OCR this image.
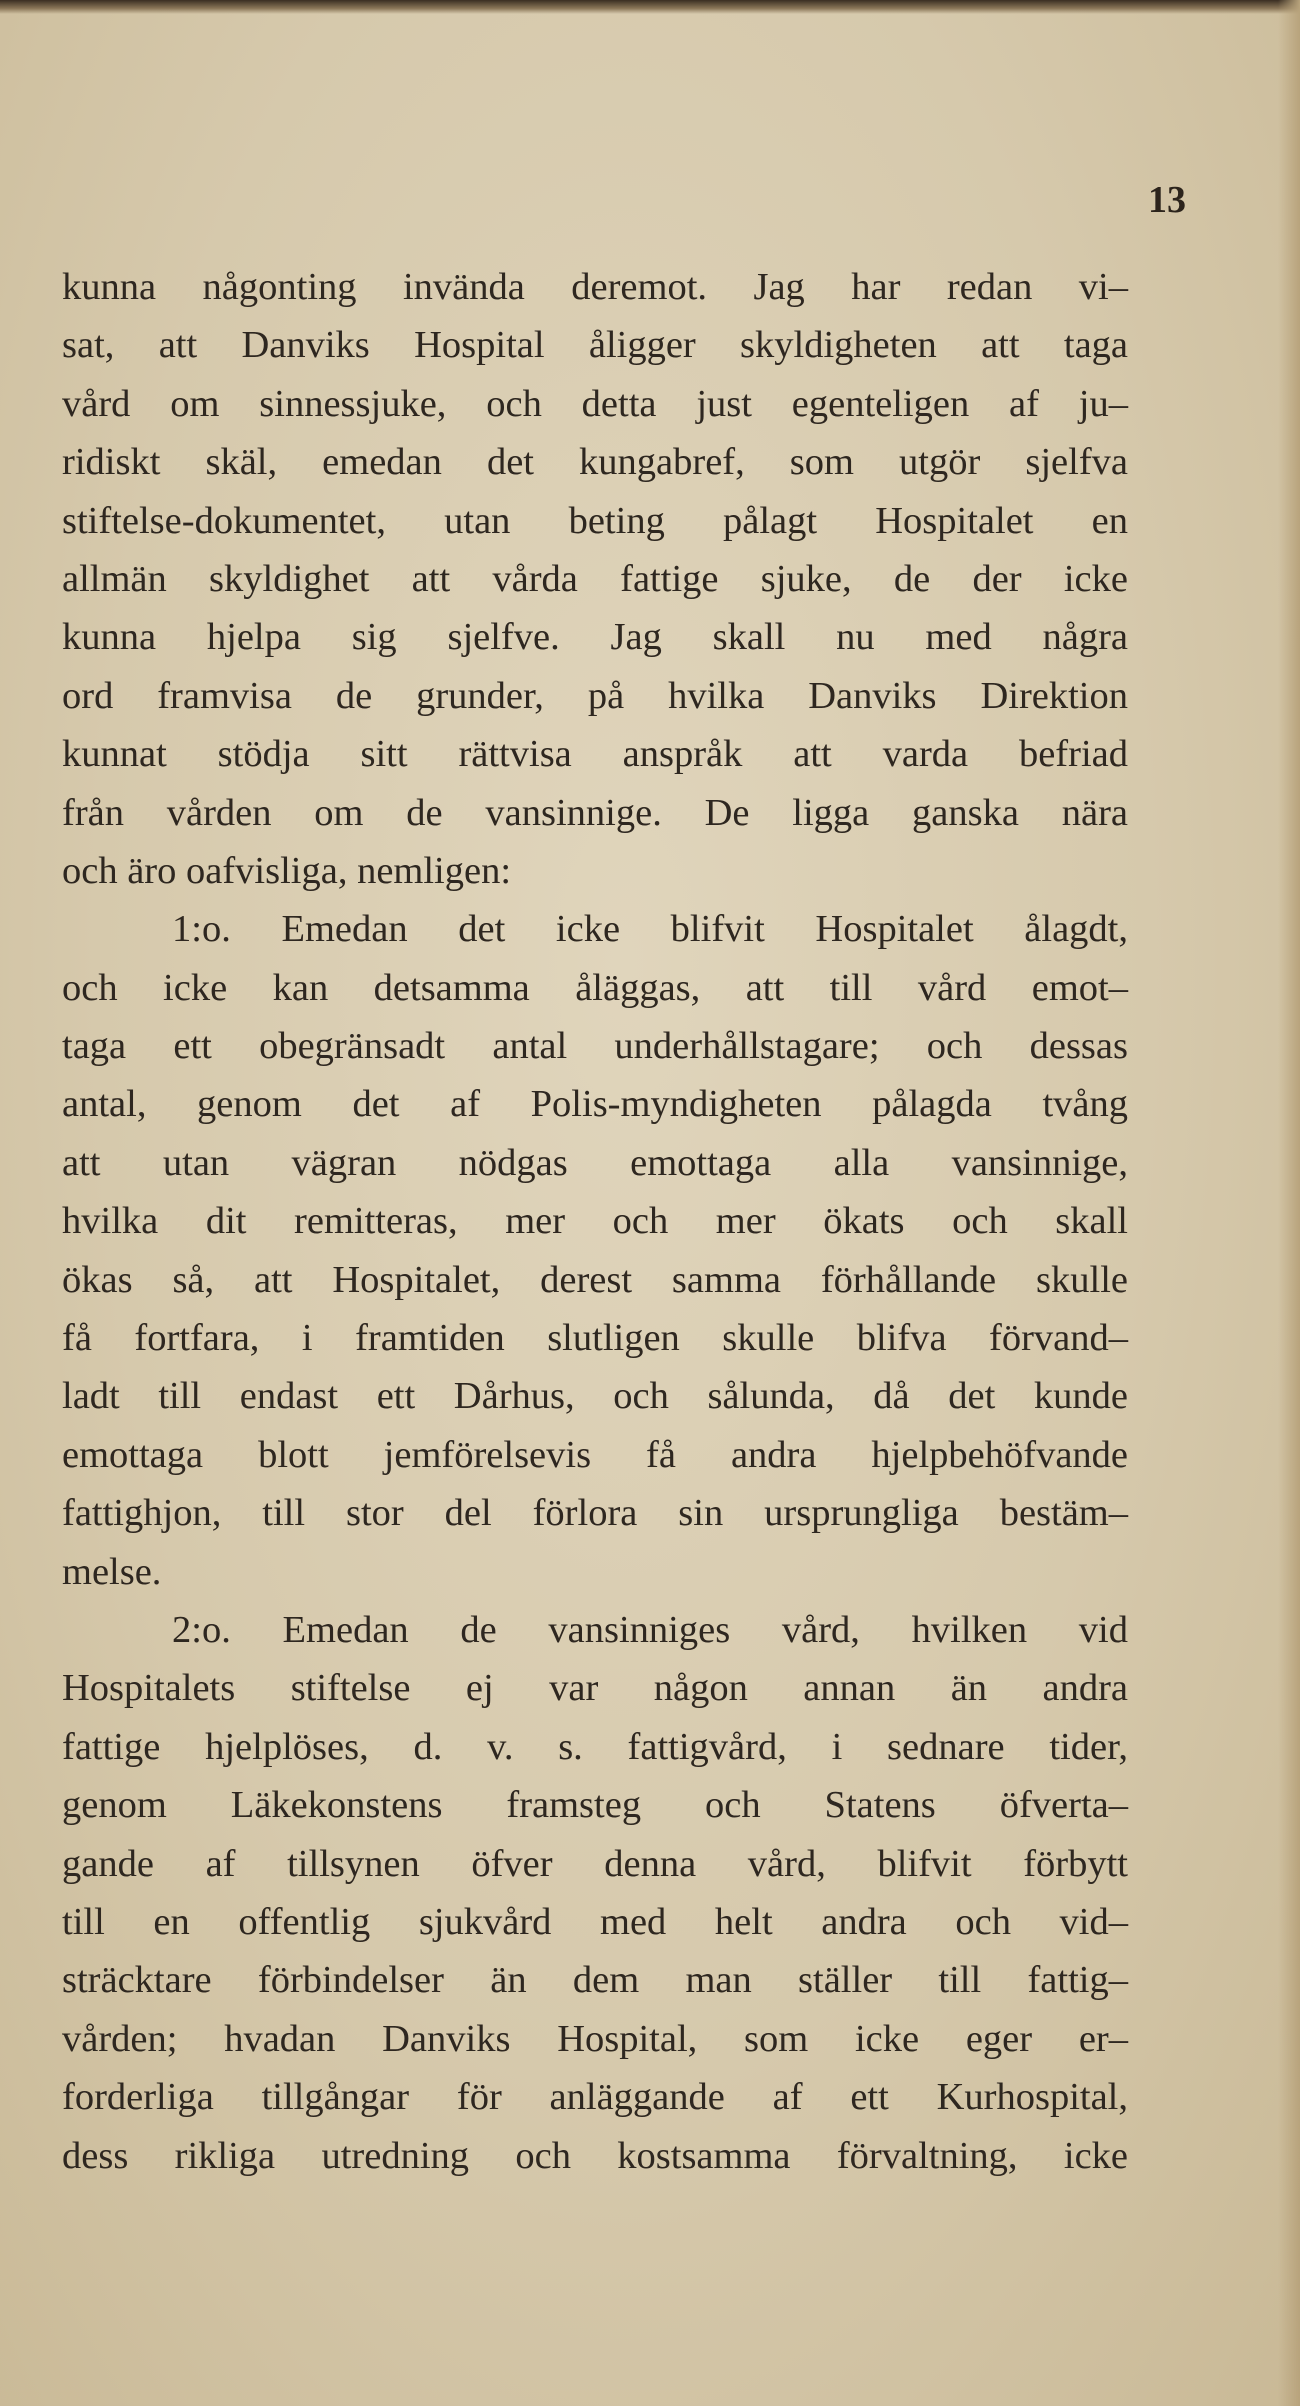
13
kunna någonting invända deremot. Jag har redan vi–
sat, att Danviks Hospital åligger skyldigheten att taga
vård om sinnessjuke, och detta just egenteligen af ju–
ridiskt skäl, emedan det kungabref, som utgör sjelfva
stiftelse-dokumentet, utan beting pålagt Hospitalet en
allmän skyldighet att vårda fattige sjuke, de der icke
kunna hjelpa sig sjelfve. Jag skall nu med några
ord framvisa de grunder, på hvilka Danviks Direktion
kunnat stödja sitt rättvisa anspråk att varda befriad
från vården om de vansinnige. De ligga ganska nära
och äro oafvisliga, nemligen:
1:o. Emedan det icke blifvit Hospitalet ålagdt,
och icke kan detsamma åläggas, att till vård emot–
taga ett obegränsadt antal underhållstagare; och dessas
antal, genom det af Polis-myndigheten pålagda tvång
att utan vägran nödgas emottaga alla vansinnige,
hvilka dit remitteras, mer och mer ökats och skall
ökas så, att Hospitalet, derest samma förhållande skulle
få fortfara, i framtiden slutligen skulle blifva förvand–
ladt till endast ett Dårhus, och sålunda, då det kunde
emottaga blott jemförelsevis få andra hjelpbehöfvande
fattighjon, till stor del förlora sin ursprungliga bestäm–
melse.
2:o. Emedan de vansinniges vård, hvilken vid
Hospitalets stiftelse ej var någon annan än andra
fattige hjelplöses, d. v. s. fattigvård, i sednare tider,
genom Läkekonstens framsteg och Statens öfverta–
gande af tillsynen öfver denna vård, blifvit förbytt
till en offentlig sjukvård med helt andra och vid–
sträcktare förbindelser än dem man ställer till fattig–
vården; hvadan Danviks Hospital, som icke eger er–
forderliga tillgångar för anläggande af ett Kurhospital,
dess rikliga utredning och kostsamma förvaltning, icke
